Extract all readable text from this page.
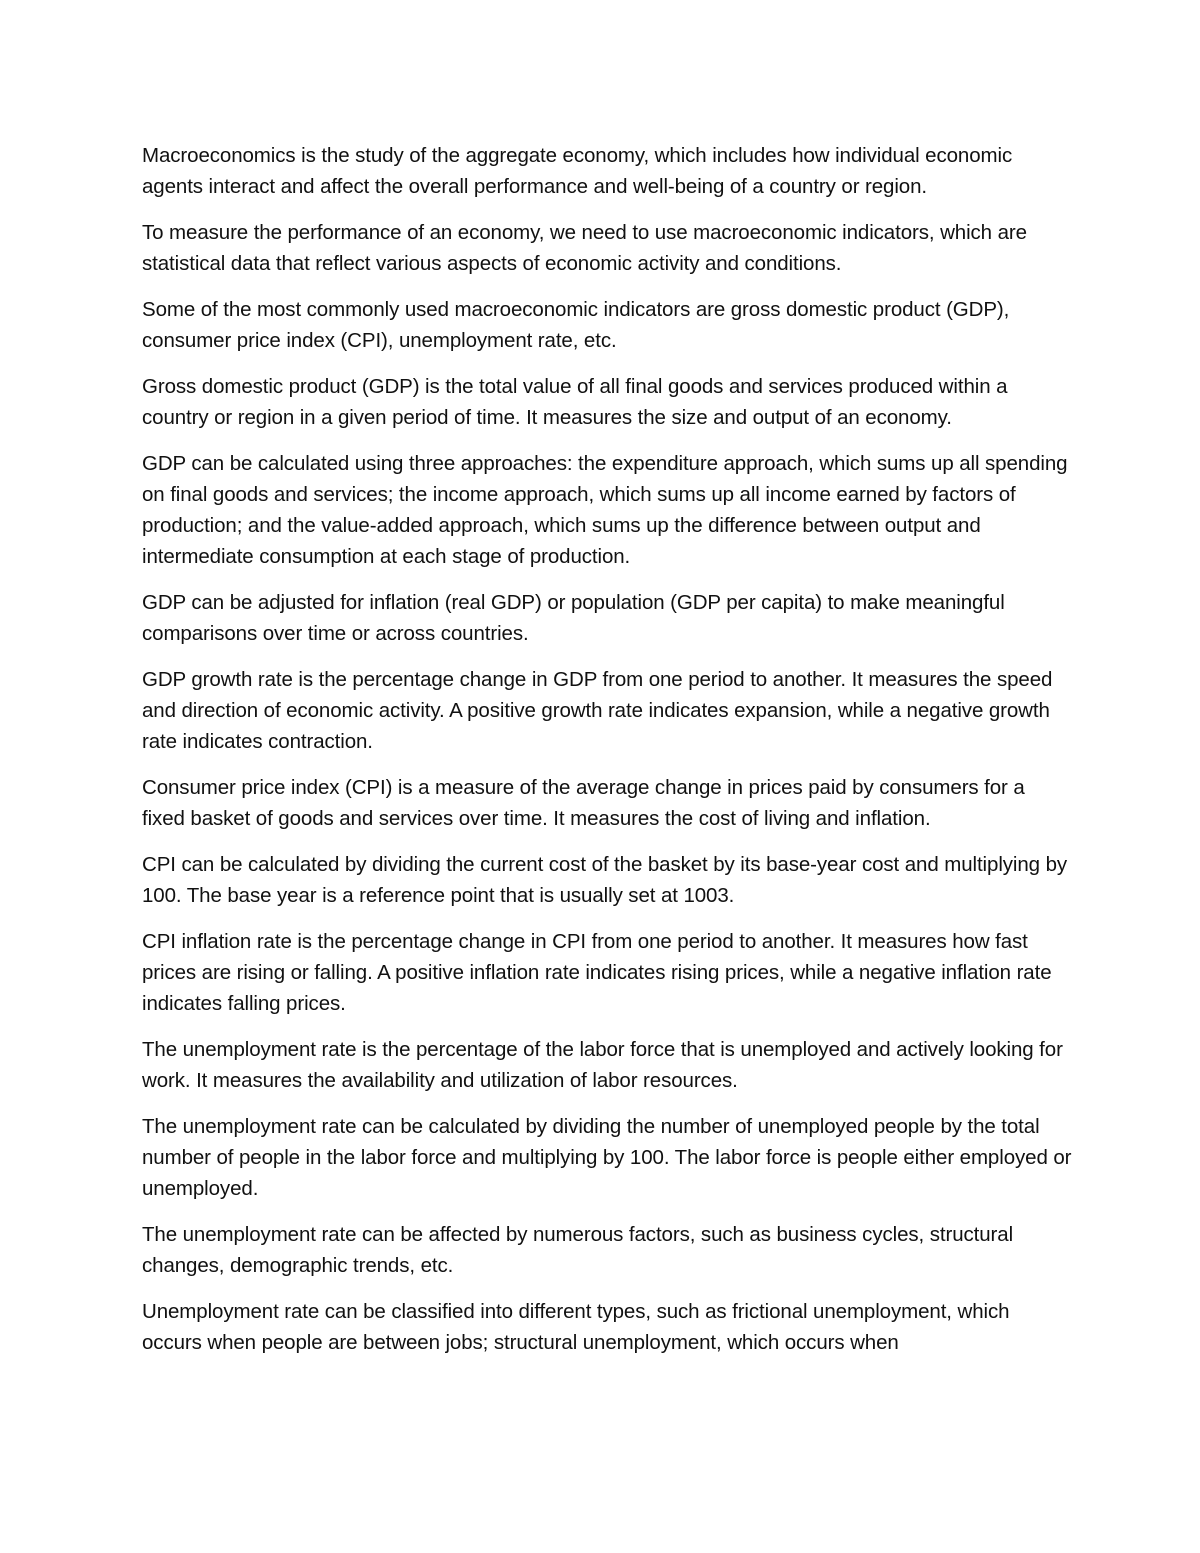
Macroeconomics is the study of the aggregate economy, which includes how individual economic agents interact and affect the overall performance and well-being of a country or region.

To measure the performance of an economy, we need to use macroeconomic indicators, which are statistical data that reflect various aspects of economic activity and conditions.

Some of the most commonly used macroeconomic indicators are gross domestic product (GDP), consumer price index (CPI), unemployment rate, etc.

Gross domestic product (GDP) is the total value of all final goods and services produced within a country or region in a given period of time. It measures the size and output of an economy.

GDP can be calculated using three approaches: the expenditure approach, which sums up all spending on final goods and services; the income approach, which sums up all income earned by factors of production; and the value-added approach, which sums up the difference between output and intermediate consumption at each stage of production.

GDP can be adjusted for inflation (real GDP) or population (GDP per capita) to make meaningful comparisons over time or across countries.

GDP growth rate is the percentage change in GDP from one period to another. It measures the speed and direction of economic activity. A positive growth rate indicates expansion, while a negative growth rate indicates contraction.

Consumer price index (CPI) is a measure of the average change in prices paid by consumers for a fixed basket of goods and services over time. It measures the cost of living and inflation.

CPI can be calculated by dividing the current cost of the basket by its base-year cost and multiplying by 100. The base year is a reference point that is usually set at 1003.

CPI inflation rate is the percentage change in CPI from one period to another. It measures how fast prices are rising or falling. A positive inflation rate indicates rising prices, while a negative inflation rate indicates falling prices.

The unemployment rate is the percentage of the labor force that is unemployed and actively looking for work. It measures the availability and utilization of labor resources.

The unemployment rate can be calculated by dividing the number of unemployed people by the total number of people in the labor force and multiplying by 100. The labor force is people either employed or unemployed.

The unemployment rate can be affected by numerous factors, such as business cycles, structural changes, demographic trends, etc.

Unemployment rate can be classified into different types, such as frictional unemployment, which occurs when people are between jobs; structural unemployment, which occurs when
